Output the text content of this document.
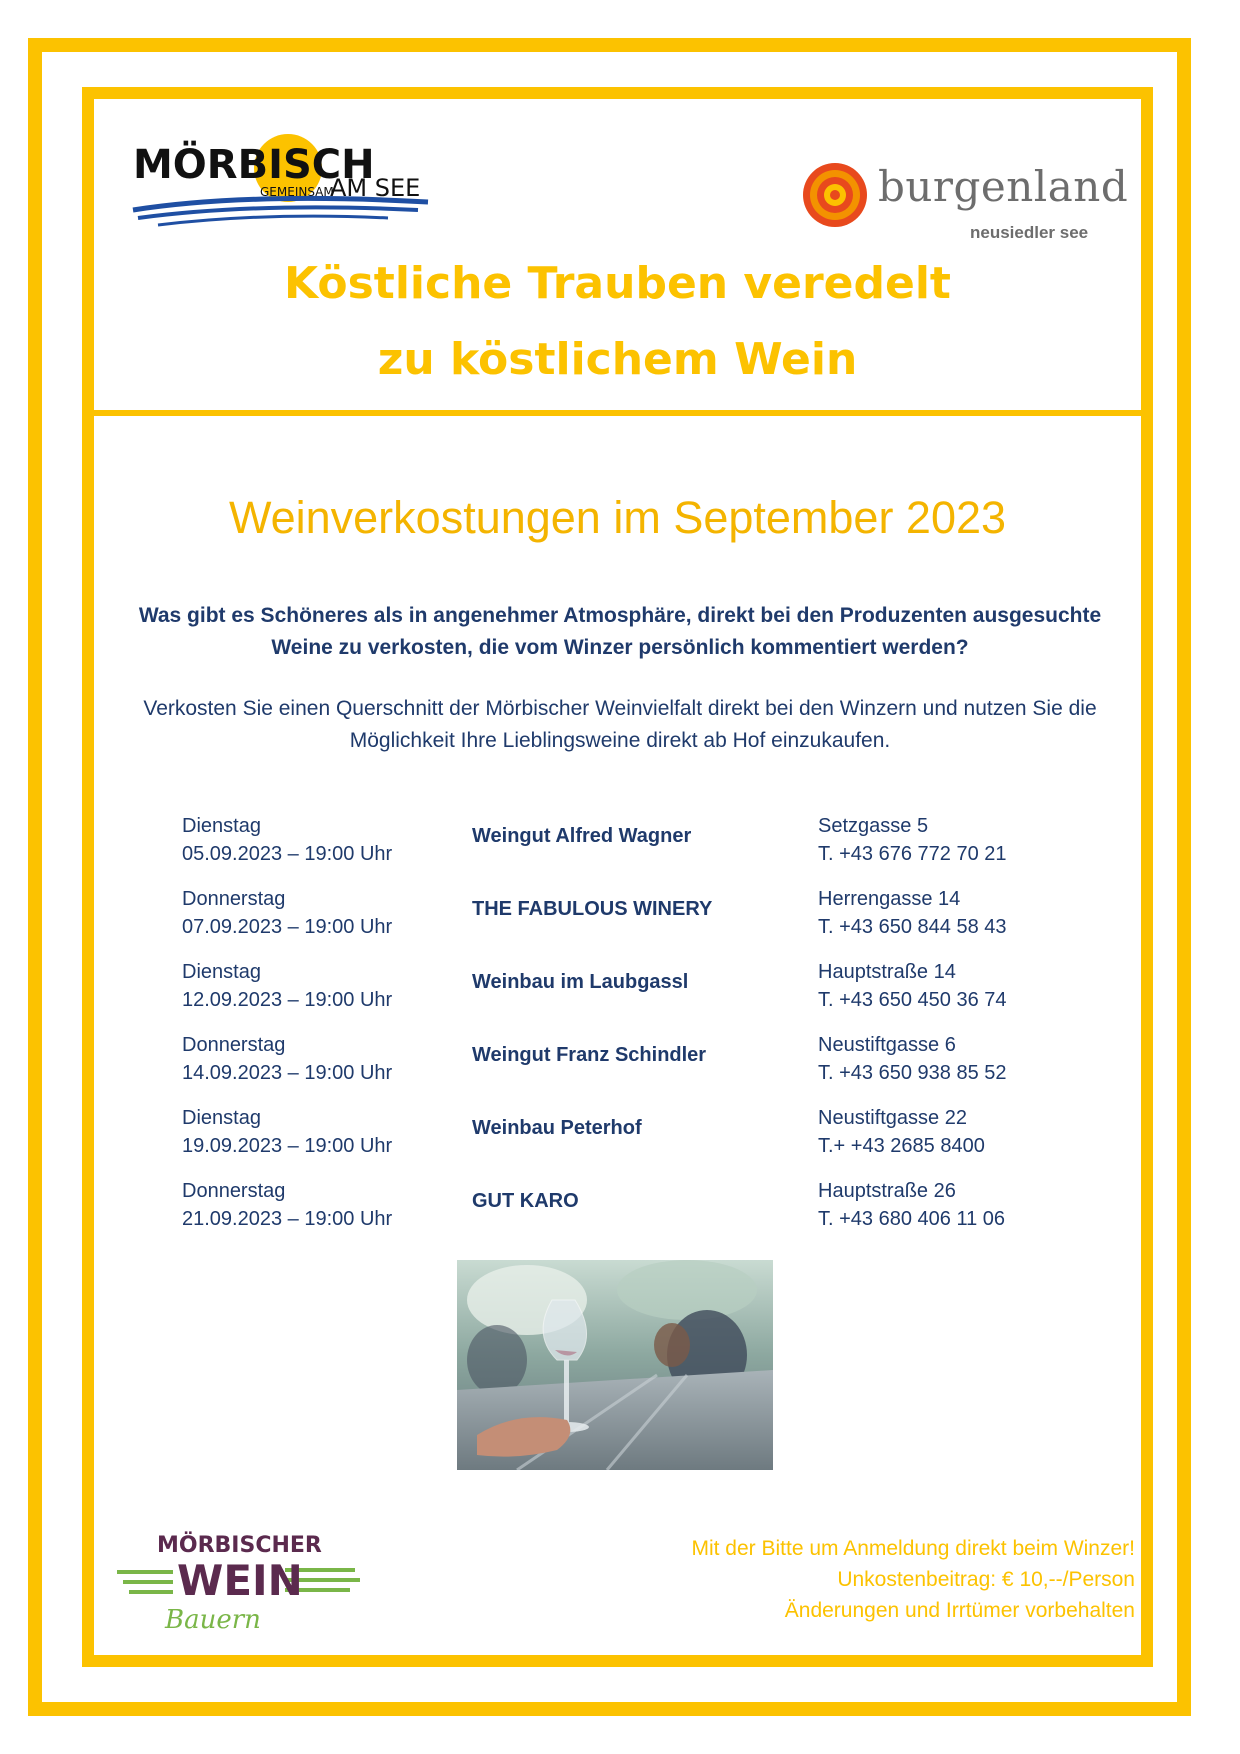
MÖRBISCH
GEMEINSAM
AM SEE	burgenland
neusiedler see
Köstliche Trauben veredelt
zu köstlichem Wein
Weinverkostungen im September 2023
Was gibt es Schöneres als in angenehmer Atmosphäre, direkt bei den Produzenten ausgesuchte Weine zu verkosten, die vom Winzer persönlich kommentiert werden?
Verkosten Sie einen Querschnitt der Mörbischer Weinvielfalt direkt bei den Winzern und nutzen Sie die Möglichkeit Ihre Lieblingsweine direkt ab Hof einzukaufen.
Dienstag
05.09.2023 – 19:00 Uhr
Weingut Alfred Wagner	Setzgasse 5
T. +43 676 772 70 21
Donnerstag
07.09.2023 – 19:00 Uhr
THE FABULOUS WINERY	Herrengasse 14
T. +43 650 844 58 43
Dienstag
12.09.2023 – 19:00 Uhr
Weinbau im Laubgassl	Hauptstraße 14
T. +43 650 450 36 74
Donnerstag
14.09.2023 – 19:00 Uhr
Weingut Franz Schindler	Neustiftgasse 6
T. +43 650 938 85 52
Dienstag
19.09.2023 – 19:00 Uhr
Weinbau Peterhof	Neustiftgasse 22
T.+ +43 2685 8400
Donnerstag
21.09.2023 – 19:00 Uhr
GUT KARO	Hauptstraße 26
T. +43 680 406 11 06
MÖRBISCHER
WEIN
Bauern
Mit der Bitte um Anmeldung direkt beim Winzer!
Unkostenbeitrag: € 10,--/Person
Änderungen und Irrtümer vorbehalten
